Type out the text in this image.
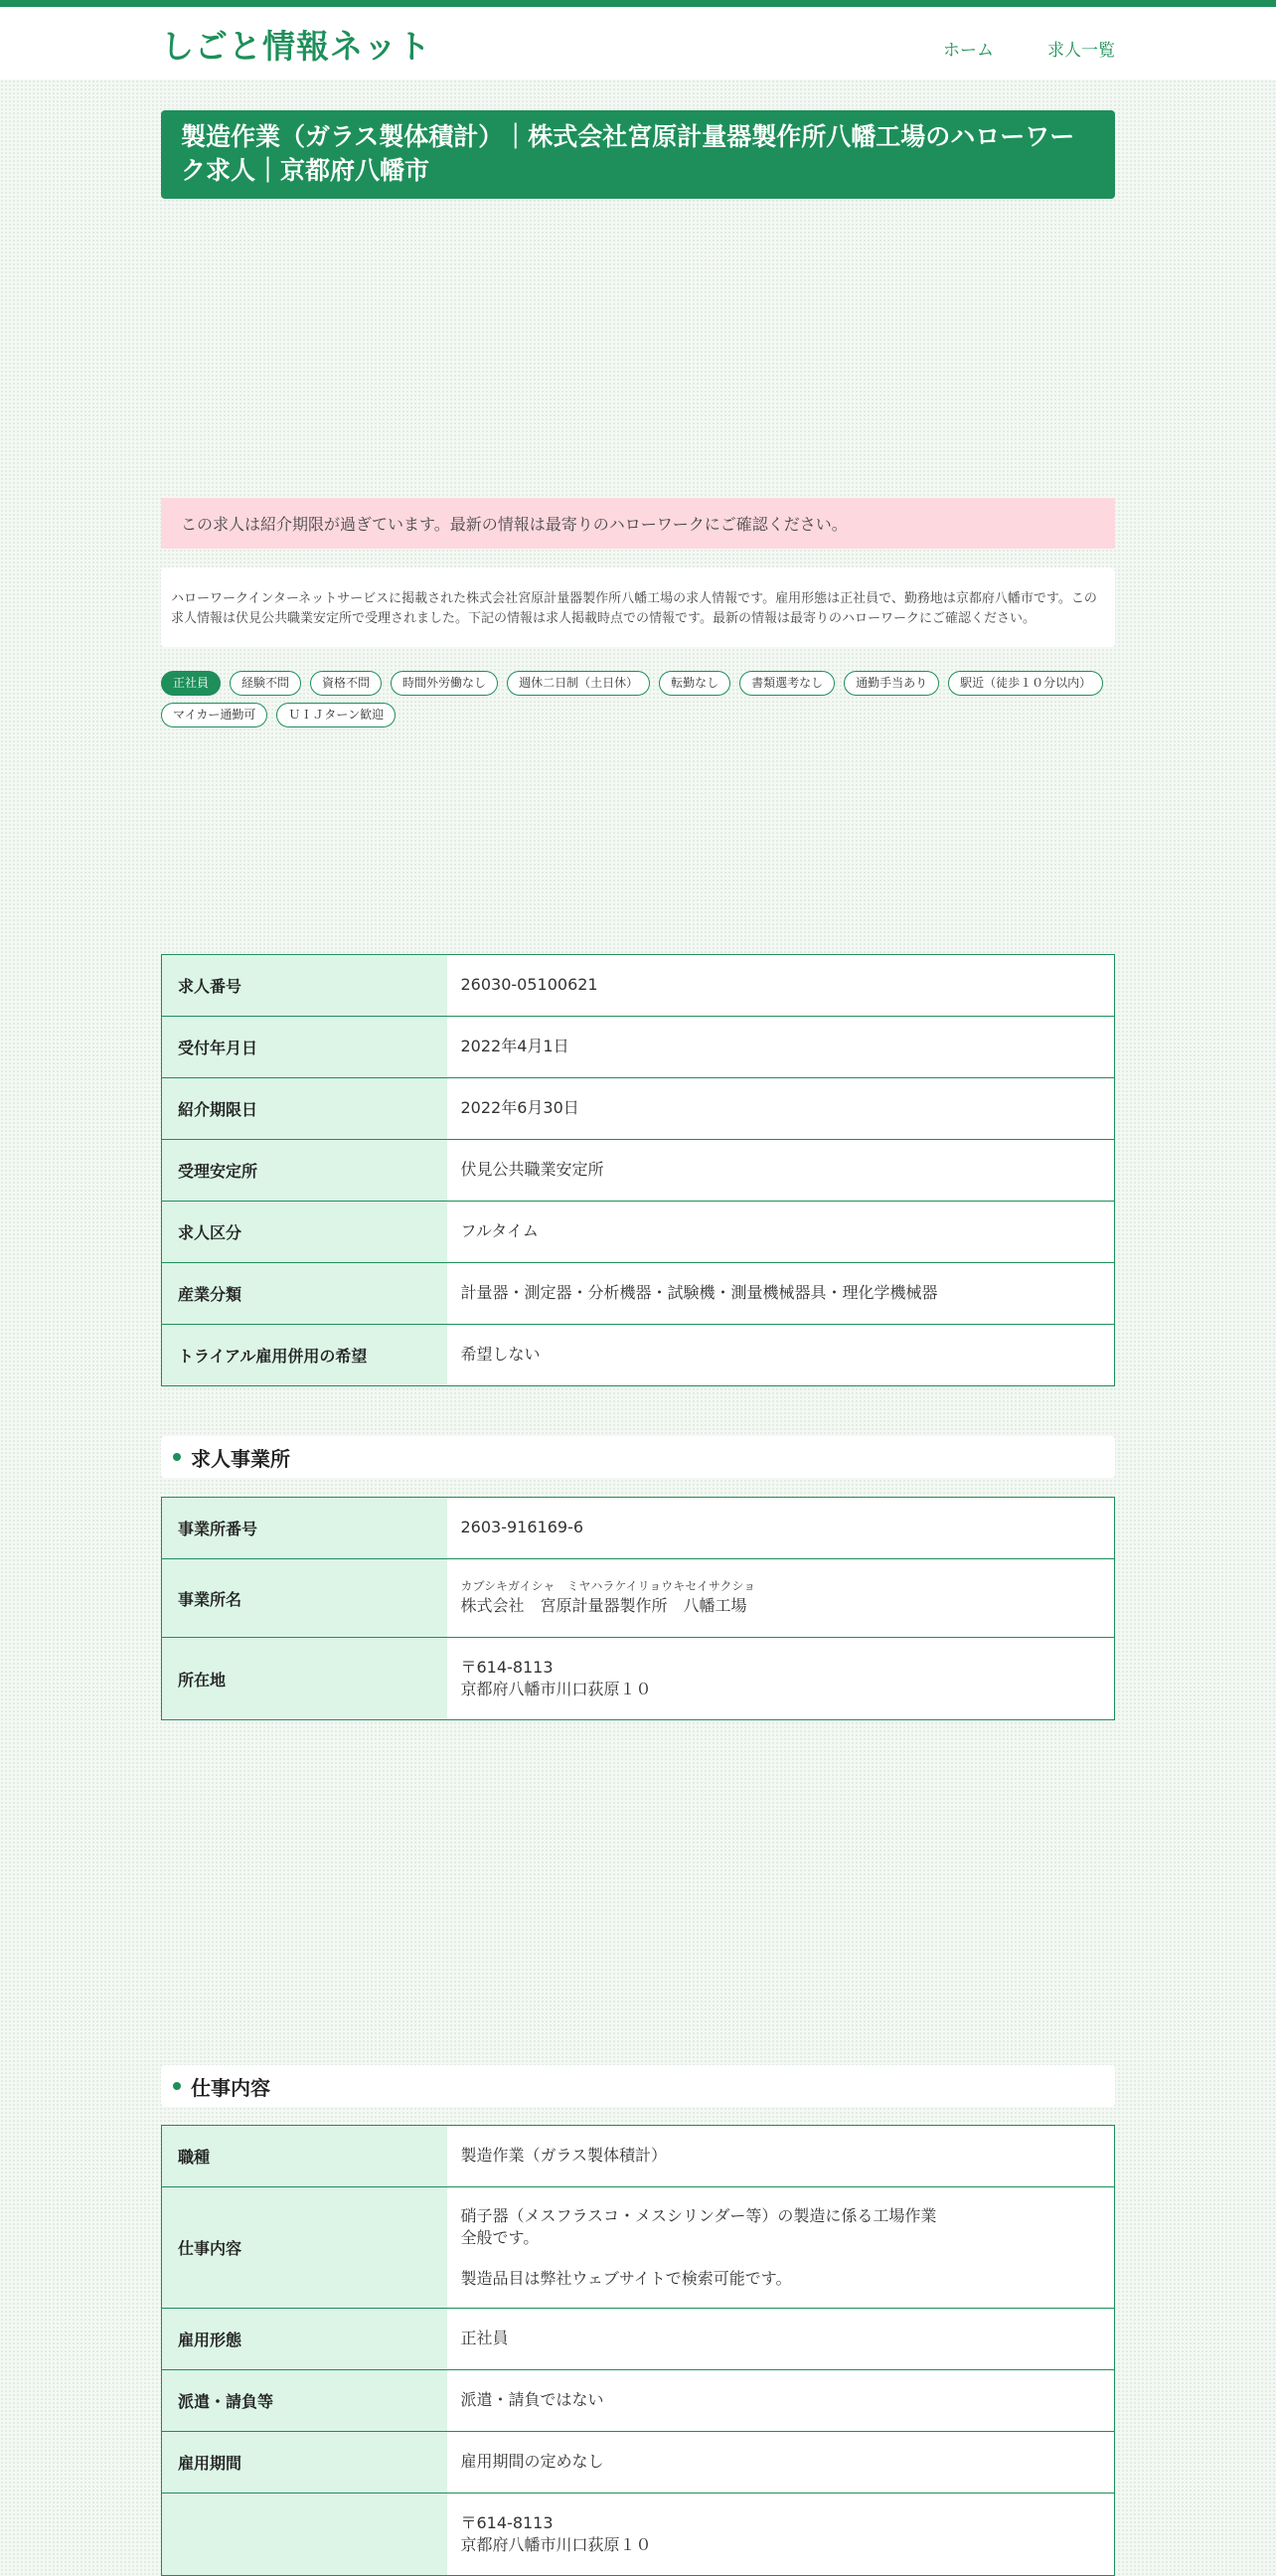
しごと情報ネット	ホーム	求人一覧
製造作業（ガラス製体積計）｜株式会社宮原計量器製作所八幡工場のハローワーク求人｜京都府八幡市
この求人は紹介期限が過ぎています。最新の情報は最寄りのハローワークにご確認ください。
ハローワークインターネットサービスに掲載された株式会社宮原計量器製作所八幡工場の求人情報です。雇用形態は正社員で、勤務地は京都府八幡市です。この求人情報は伏見公共職業安定所で受理されました。下記の情報は求人掲載時点での情報です。最新の情報は最寄りのハローワークにご確認ください。
正社員	経験不問	資格不問	時間外労働なし	週休二日制（土日休）	転勤なし	書類選考なし	通勤手当あり	駅近（徒歩１０分以内）
マイカー通勤可	ＵＩＪターン歓迎
求人番号	26030-05100621
受付年月日	2022年4月1日
紹介期限日	2022年6月30日
受理安定所	伏見公共職業安定所
求人区分	フルタイム
産業分類	計量器・測定器・分析機器・試験機・測量機械器具・理化学機械器
トライアル雇用併用の希望	希望しない
求人事業所
事業所番号	2603-916169-6
事業所名	カブシキガイシャ　ミヤハラケイリョウキセイサクショ
株式会社　宮原計量器製作所　八幡工場
所在地	〒614-8113
京都府八幡市川口荻原１０
仕事内容
職種	製造作業（ガラス製体積計）
仕事内容	硝子器（メスフラスコ・メスシリンダー等）の製造に係る工場作業

全般です。

製造品目は弊社ウェブサイトで検索可能です。

雇用形態	正社員
派遣・請負等	派遣・請負ではない
雇用期間	雇用期間の定めなし

	〒614-8113
京都府八幡市川口荻原１０
